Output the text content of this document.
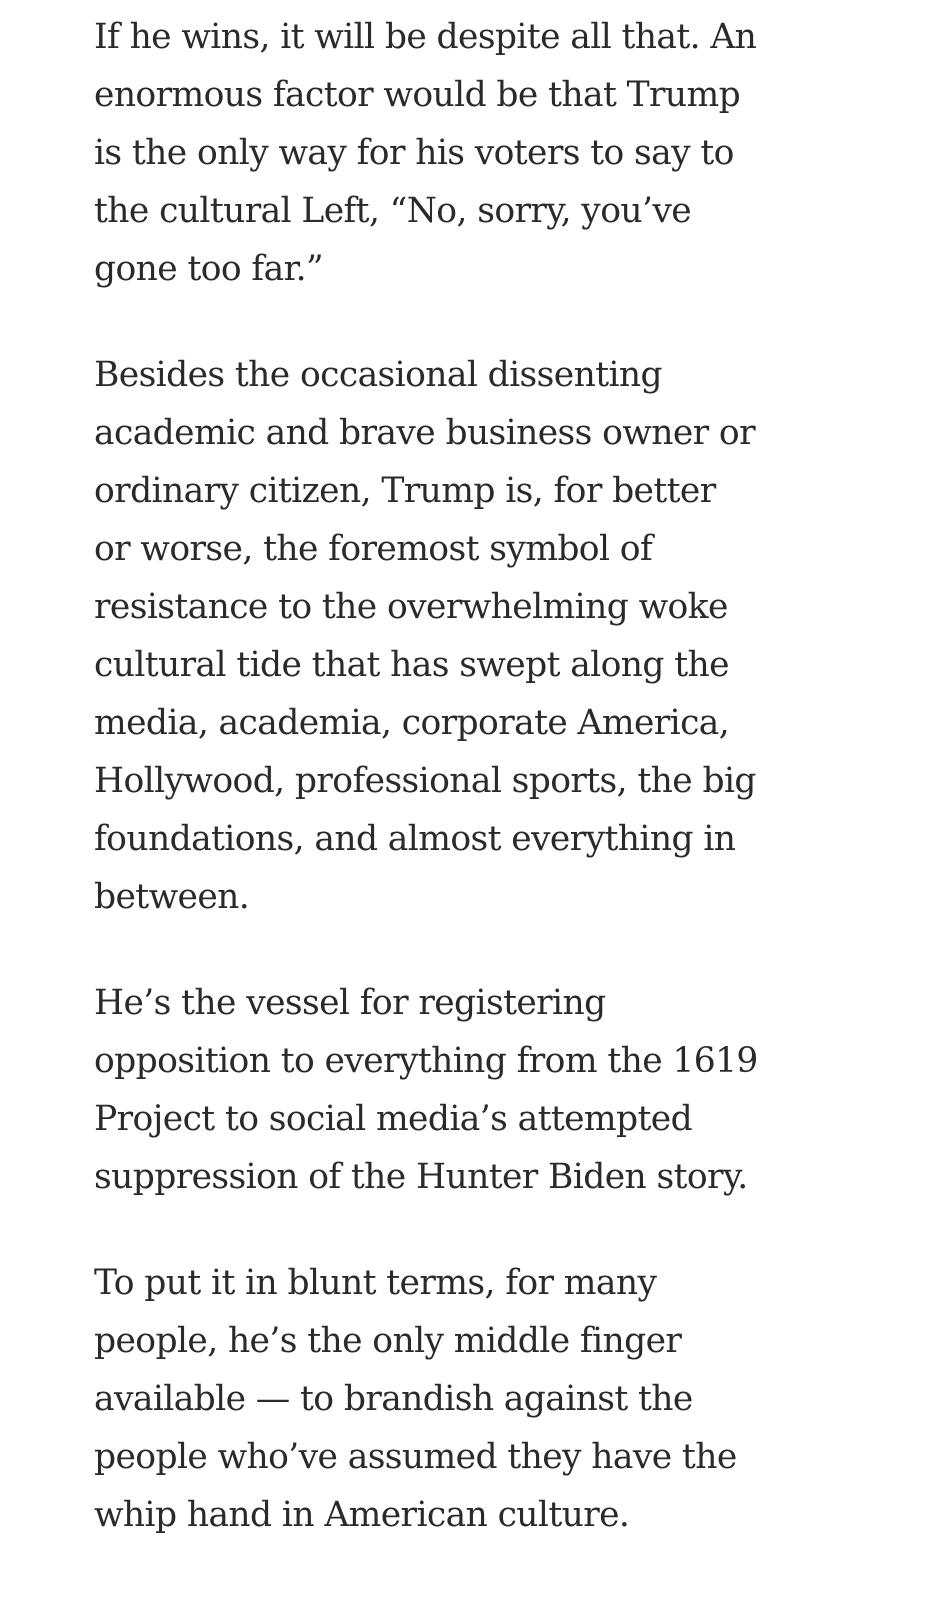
If he wins, it will be despite all that. An
enormous factor would be that Trump
is the only way for his voters to say to
the cultural Left, “No, sorry, you’ve
gone too far.”

Besides the occasional dissenting
academic and brave business owner or
ordinary citizen, Trump is, for better
or worse, the foremost symbol of
resistance to the overwhelming woke
cultural tide that has swept along the
media, academia, corporate America,
Hollywood, professional sports, the big
foundations, and almost everything in
between.

He’s the vessel for registering
opposition to everything from the 1619
Project to social media’s attempted
suppression of the Hunter Biden story.

To put it in blunt terms, for many
people, he’s the only middle finger
available — to brandish against the
people who’ve assumed they have the
whip hand in American culture.
